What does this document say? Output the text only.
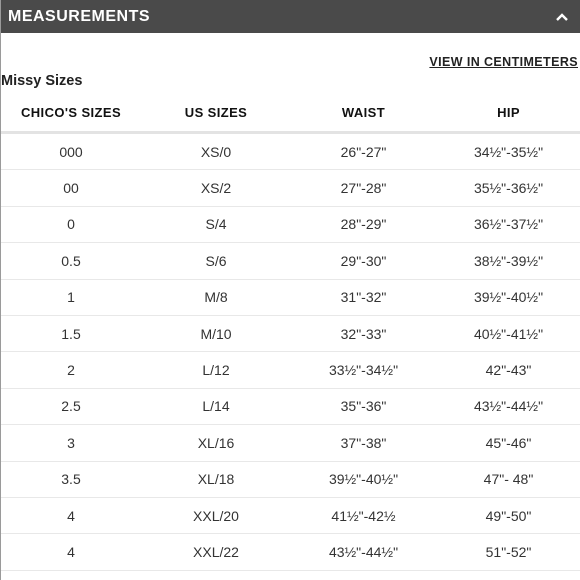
MEASUREMENTS
VIEW IN CENTIMETERS
Missy Sizes
CHICO'S SIZES	US SIZES	WAIST	HIP
000	XS/0	26"-27"	34½"-35½"
00	XS/2	27"-28"	35½"-36½"
0	S/4	28"-29"	36½"-37½"
0.5	S/6	29"-30"	38½"-39½"
1	M/8	31"-32"	39½"-40½"
1.5	M/10	32"-33"	40½"-41½"
2	L/12	33½"-34½"	42"-43"
2.5	L/14	35"-36"	43½"-44½"
3	XL/16	37"-38"	45"-46"
3.5	XL/18	39½"-40½"	47"- 48"
4	XXL/20	41½"-42½	49"-50"
4	XXL/22	43½"-44½"	51"-52"
